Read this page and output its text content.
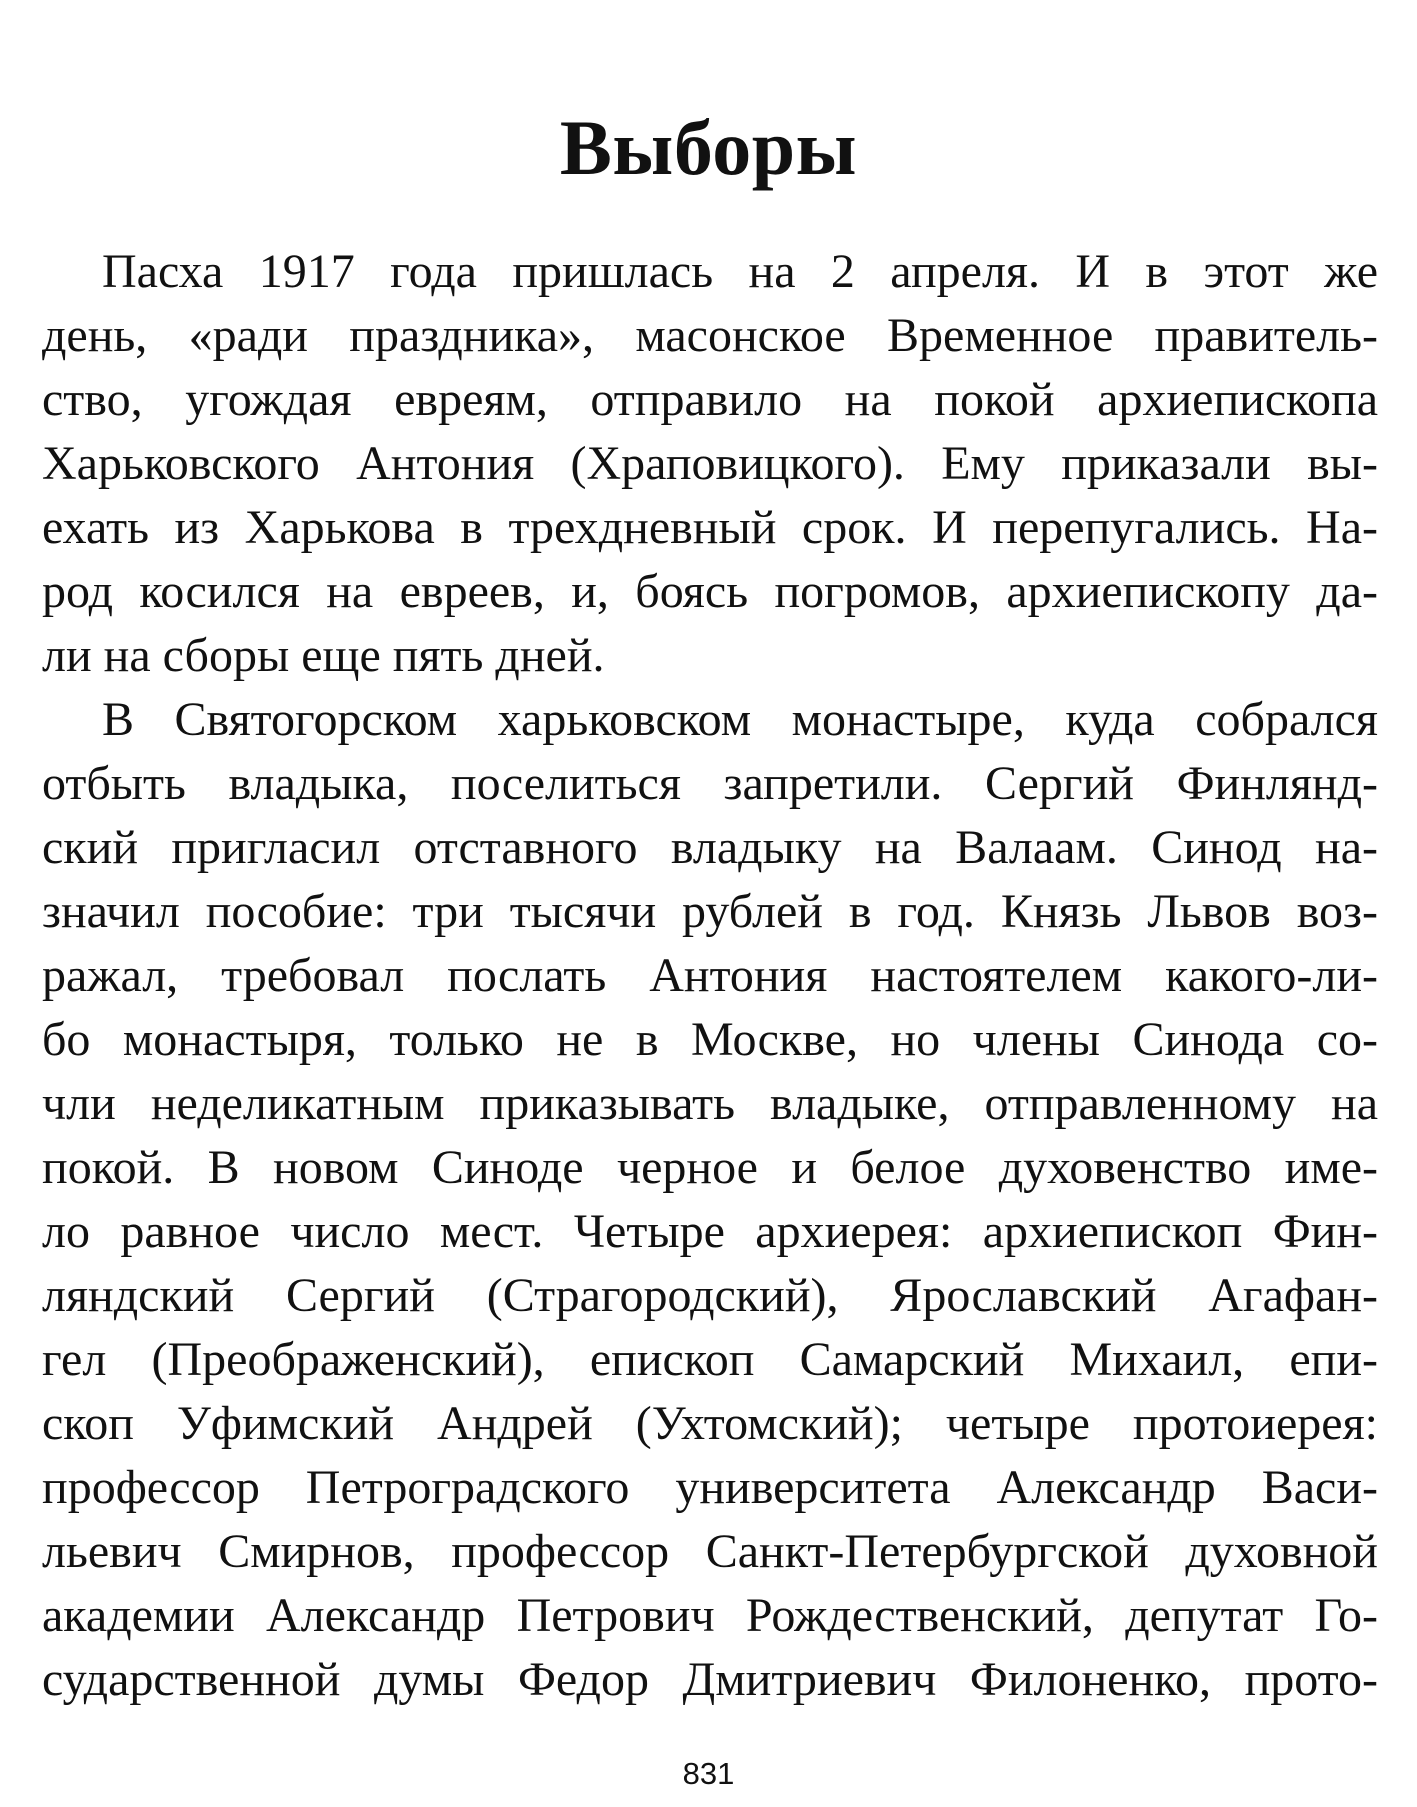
Выборы
Пасха 1917 года пришлась на 2 апреля. И в этот же
день, «ради праздника», масонское Временное правитель-
ство, угождая евреям, отправило на покой архиепископа
Харьковского Антония (Храповицкого). Ему приказали вы-
ехать из Харькова в трехдневный срок. И перепугались. На-
род косился на евреев, и, боясь погромов, архиепископу да-
ли на сборы еще пять дней.
В Святогорском харьковском монастыре, куда собрался
отбыть владыка, поселиться запретили. Сергий Финлянд-
ский пригласил отставного владыку на Валаам. Синод на-
значил пособие: три тысячи рублей в год. Князь Львов воз-
ражал, требовал послать Антония настоятелем какого-ли-
бо монастыря, только не в Москве, но члены Синода со-
чли неделикатным приказывать владыке, отправленному на
покой. В новом Синоде черное и белое духовенство име-
ло равное число мест. Четыре архиерея: архиепископ Фин-
ляндский Сергий (Страгородский), Ярославский Агафан-
гел (Преображенский), епископ Самарский Михаил, епи-
скоп Уфимский Андрей (Ухтомский); четыре протоиерея:
профессор Петроградского университета Александр Васи-
льевич Смирнов, профессор Санкт-Петербургской духовной
академии Александр Петрович Рождественский, депутат Го-
сударственной думы Федор Дмитриевич Филоненко, прото-
831
